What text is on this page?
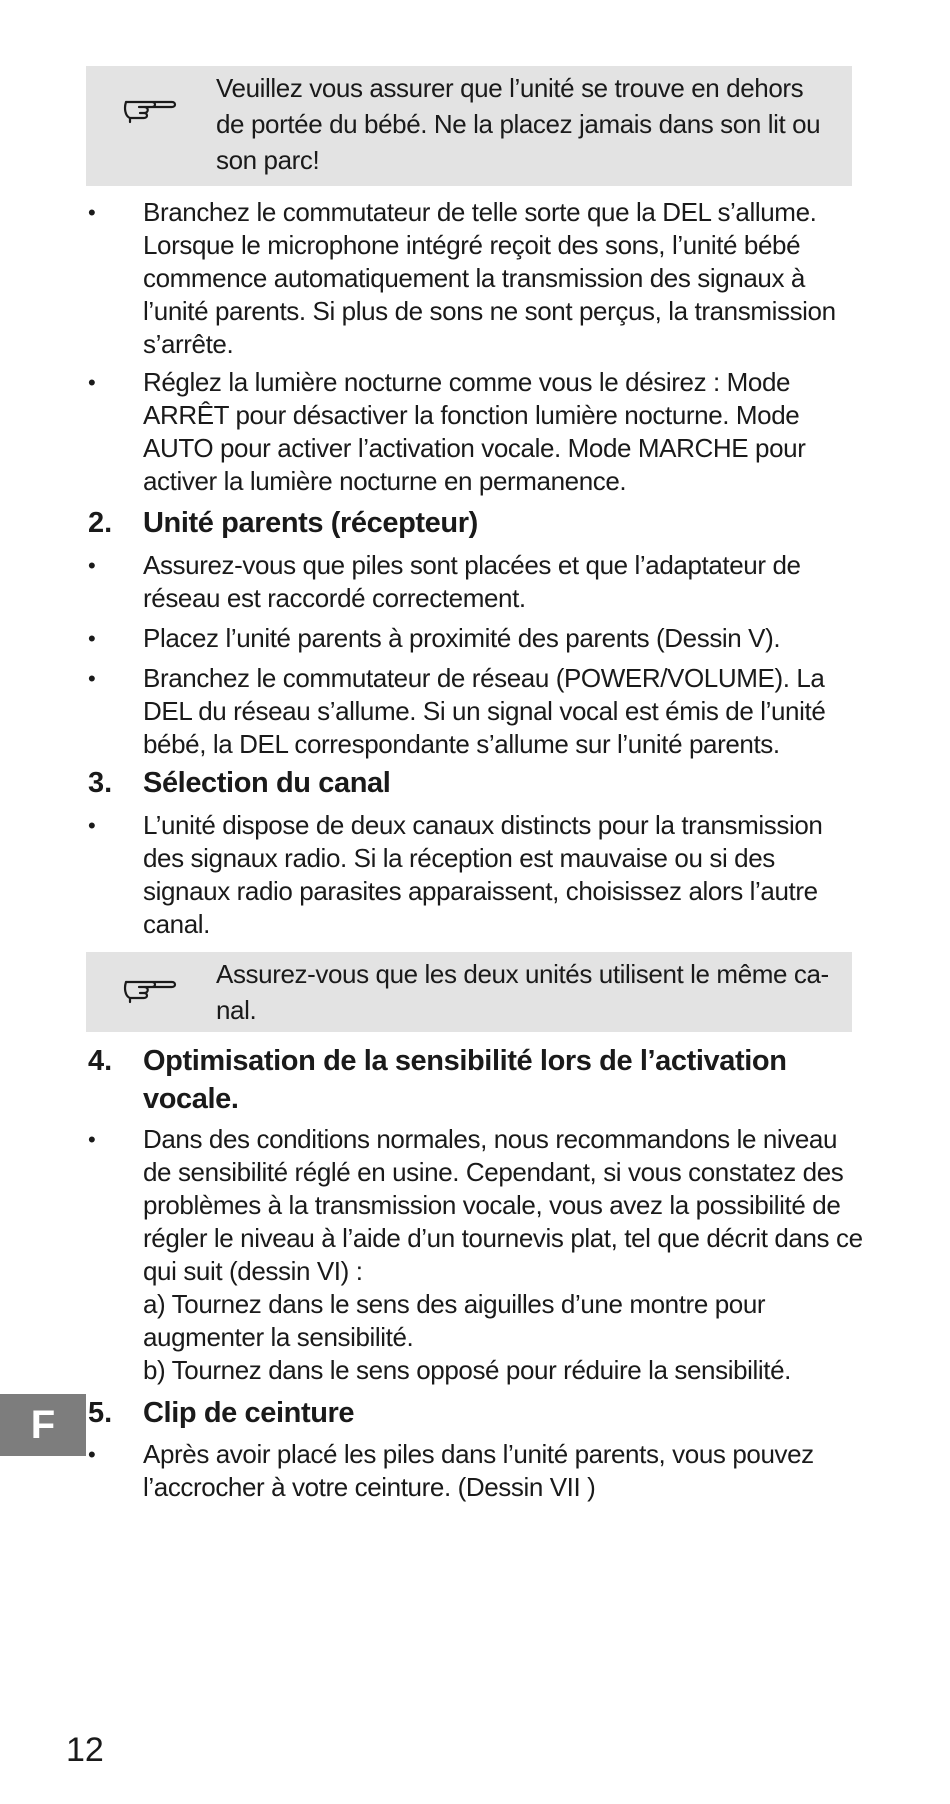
Veuillez vous assurer que l’unité se trouve en dehors de portée du bébé. Ne la placez jamais dans son lit ou son parc!
• Branchez le commutateur de telle sorte que la DEL s’allume. Lorsque le microphone intégré reçoit des sons, l’unité bébé commence automatiquement la transmission des signaux à l’unité parents. Si plus de sons ne sont perçus, la transmission s’arrête.
• Réglez la lumière nocturne comme vous le désirez : Mode ARRÊT pour désactiver la fonction lumière nocturne. Mode AUTO pour activer l’activation vocale. Mode MARCHE pour activer la lumière nocturne en permanence.
2. Unité parents (récepteur)
• Assurez-vous que piles sont placées et que l’adaptateur de réseau est raccordé correctement.
• Placez l’unité parents à proximité des parents (Dessin V).
• Branchez le commutateur de réseau (POWER/VOLUME). La DEL du réseau s’allume. Si un signal vocal est émis de l’unité bébé, la DEL correspondante s’allume sur l’unité parents.
3. Sélection du canal
• L’unité dispose de deux canaux distincts pour la transmission des signaux radio. Si la réception est mauvaise ou si des signaux radio parasites apparaissent, choisissez alors l’autre canal.
Assurez-vous que les deux unités utilisent le même ca-nal.
4. Optimisation de la sensibilité lors de l’activation vocale.
• Dans des conditions normales, nous recommandons le niveau de sensibilité réglé en usine. Cependant, si vous constatez des problèmes à la transmission vocale, vous avez la possibilité de régler le niveau à l’aide d’un tournevis plat, tel que décrit dans ce qui suit (dessin VI) :
a) Tournez dans le sens des aiguilles d’une montre pour augmenter la sensibilité.
b) Tournez dans le sens opposé pour réduire la sensibilité.
5. Clip de ceinture
• Après avoir placé les piles dans l’unité parents, vous pouvez l’accrocher à votre ceinture. (Dessin VII )
F
12
